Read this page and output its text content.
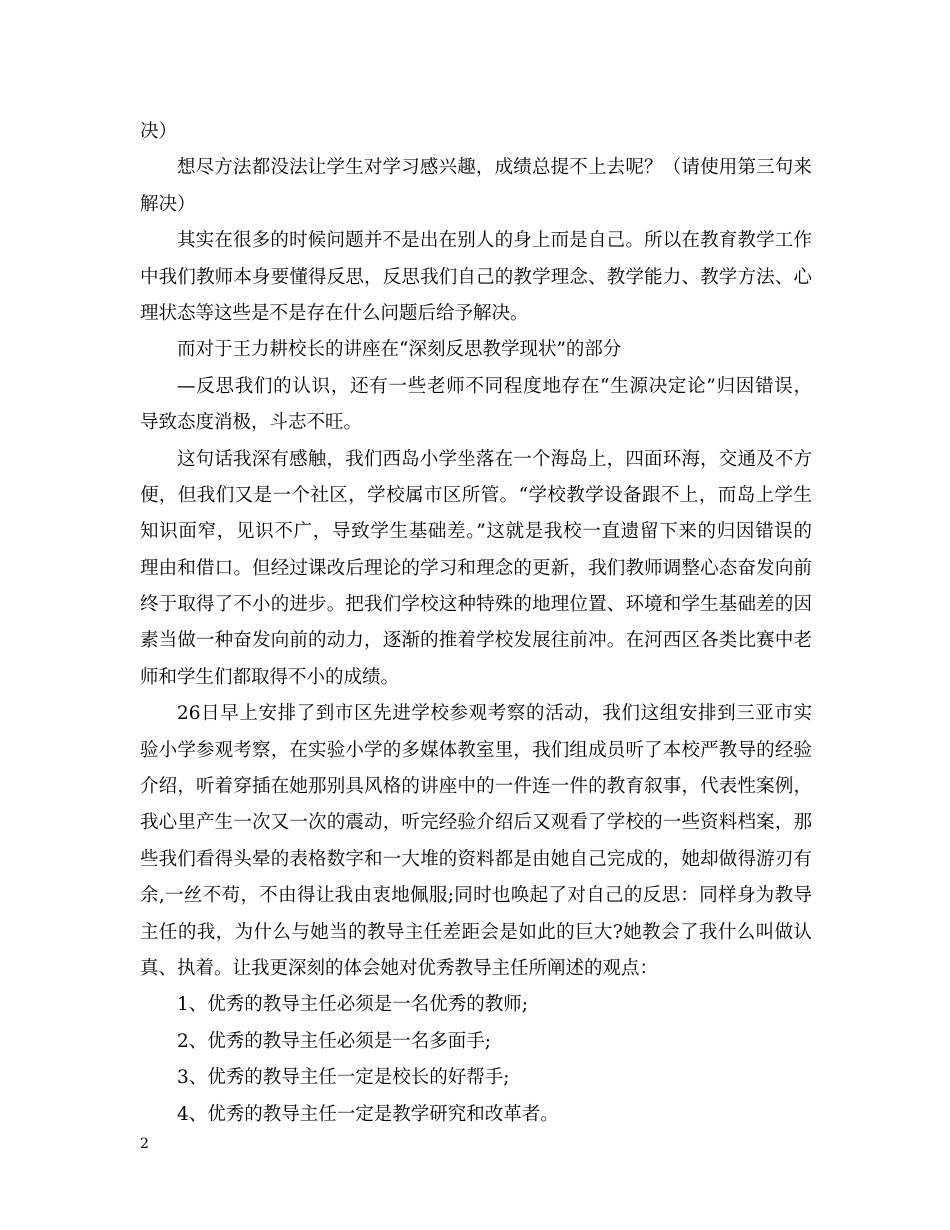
决）
想尽方法都没法让学生对学习感兴趣，成绩总提不上去呢？（请使用第三句来
解决）
其实在很多的时候问题并不是出在别人的身上而是自己。所以在教育教学工作
中我们教师本身要懂得反思，反思我们自己的教学理念、教学能力、教学方法、心
理状态等这些是不是存在什么问题后给予解决。
而对于王力耕校长的讲座在“深刻反思教学现状”的部分
—反思我们的认识，还有一些老师不同程度地存在“生源决定论”归因错误，
导致态度消极，斗志不旺。
这句话我深有感触，我们西岛小学坐落在一个海岛上，四面环海，交通及不方
便，但我们又是一个社区，学校属市区所管。“学校教学设备跟不上，而岛上学生
知识面窄，见识不广，导致学生基础差。”这就是我校一直遗留下来的归因错误的
理由和借口。但经过课改后理论的学习和理念的更新，我们教师调整心态奋发向前
终于取得了不小的进步。把我们学校这种特殊的地理位置、环境和学生基础差的因
素当做一种奋发向前的动力，逐渐的推着学校发展往前冲。在河西区各类比赛中老
师和学生们都取得不小的成绩。
26日早上安排了到市区先进学校参观考察的活动，我们这组安排到三亚市实
验小学参观考察，在实验小学的多媒体教室里，我们组成员听了本校严教导的经验
介绍，听着穿插在她那别具风格的讲座中的一件连一件的教育叙事，代表性案例，
我心里产生一次又一次的震动，听完经验介绍后又观看了学校的一些资料档案，那
些我们看得头晕的表格数字和一大堆的资料都是由她自己完成的，她却做得游刃有
余,一丝不苟，不由得让我由衷地佩服;同时也唤起了对自己的反思：同样身为教导
主任的我，为什么与她当的教导主任差距会是如此的巨大?她教会了我什么叫做认
真、执着。让我更深刻的体会她对优秀教导主任所阐述的观点：
1、优秀的教导主任必须是一名优秀的教师;
2、优秀的教导主任必须是一名多面手;
3、优秀的教导主任一定是校长的好帮手;
4、优秀的教导主任一定是教学研究和改革者。
2
